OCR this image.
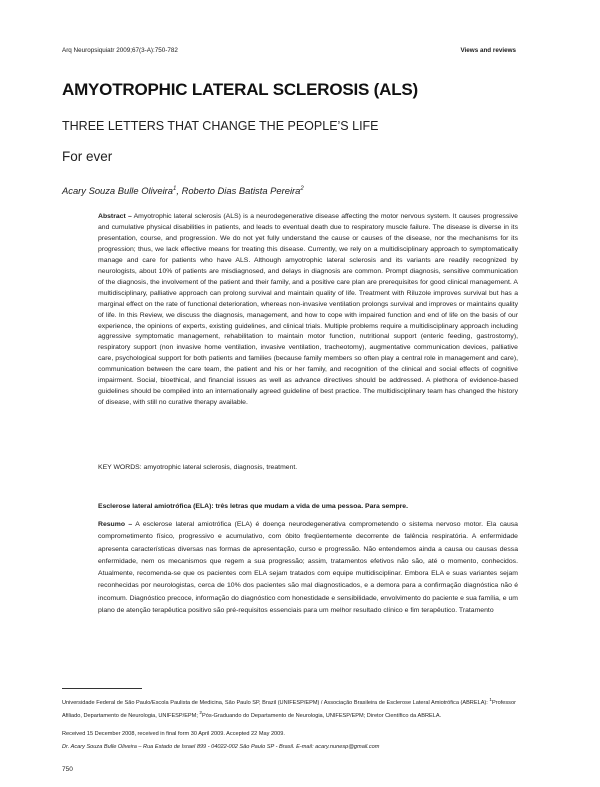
Arq Neuropsiquiatr 2009;67(3-A):750-782	Views and reviews
AMYOTROPHIC LATERAL SCLEROSIS (ALS)
THREE LETTERS THAT CHANGE THE PEOPLE’S LIFE
For ever

Acary Souza Bulle Oliveira$^1$, Roberto Dias Batista Pereira$^2$

Abstract – Amyotrophic lateral sclerosis (ALS) is a neurodegenerative disease affecting the motor nervous system. It causes progressive and cumulative physical disabilities in patients, and leads to eventual death due to respiratory muscle failure. The disease is diverse in its presentation, course, and progression. We do not yet fully understand the cause or causes of the disease, nor the mechanisms for its progression; thus, we lack effective means for treating this disease. Currently, we rely on a multidisciplinary approach to symptomatically manage and care for patients who have ALS. Although amyotrophic lateral sclerosis and its variants are readily recognized by neurologists, about 10% of patients are misdiagnosed, and delays in diagnosis are common. Prompt diagnosis, sensitive communication of the diagnosis, the involvement of the patient and their family, and a positive care plan are prerequisites for good clinical management. A multidisciplinary, palliative approach can prolong survival and maintain quality of life. Treatment with Riluzole improves survival but has a marginal effect on the rate of functional deterioration, whereas non-invasive ventilation prolongs survival and improves or maintains quality of life. In this Review, we discuss the diagnosis, management, and how to cope with impaired function and end of life on the basis of our experience, the opinions of experts, existing guidelines, and clinical trials. Multiple problems require a multidisciplinary approach including aggressive symptomatic management, rehabilitation to maintain motor function, nutritional support (enteric feeding, gastrostomy), respiratory support (non invasive home ventilation, invasive ventilation, tracheotomy), augmentative communication devices, palliative care, psychological support for both patients and families (because family members so often play a central role in management and care), communication between the care team, the patient and his or her family, and recognition of the clinical and social effects of cognitive impairment. Social, bioethical, and financial issues as well as advance directives should be addressed. A plethora of evidence-based guidelines should be compiled into an internationally agreed guideline of best practice. The multidisciplinary team has changed the history of disease, with still no curative therapy available.

KEY WORDS: amyotrophic lateral sclerosis, diagnosis, treatment.

Esclerose lateral amiotrófica (ELA): três letras que mudam a vida de uma pessoa. Para sempre.

Resumo – A esclerose lateral amiotrófica (ELA) é doença neurodegenerativa comprometendo o sistema nervoso motor. Ela causa comprometimento físico, progressivo e acumulativo, com óbito freqüentemente decorrente de falência respiratória. A enfermidade apresenta características diversas nas formas de apresentação, curso e progressão. Não entendemos ainda a causa ou causas dessa enfermidade, nem os mecanismos que regem a sua progressão; assim, tratamentos efetivos não são, até o momento, conhecidos. Atualmente, recomenda-se que os pacientes com ELA sejam tratados com equipe multidisciplinar. Embora ELA e suas variantes sejam reconhecidas por neurologistas, cerca de 10% dos pacientes são mal diagnosticados, e a demora para a confirmação diagnóstica não é incomum. Diagnóstico precoce, informação do diagnóstico com honestidade e sensibilidade, envolvimento do paciente e sua família, e um plano de atenção terapêutica positivo são pré-requisitos essenciais para um melhor resultado clínico e fim terapêutico. Tratamento

Universidade Federal de São Paulo/Escola Paulista de Medicina, São Paulo SP, Brazil (UNIFESP/EPM) / Associação Brasileira de Esclerose Lateral Amiotrófica (ABRELA): $^1$Professor Afiliado, Departamento de Neurologia, UNIFESP/EPM; $^2$Pós-Graduando do Departamento de Neurologia, UNIFESP/EPM; Diretor Científico da ABRELA.

Received 15 December 2008, received in final form 30 April 2009. Accepted 22 May 2009.

Dr. Acary Souza Bulle Oliveira – Rua Estado de Israel 899 - 04022-002 São Paulo SP - Brasil. E-mail: acary.nunesp@gmail.com

750
